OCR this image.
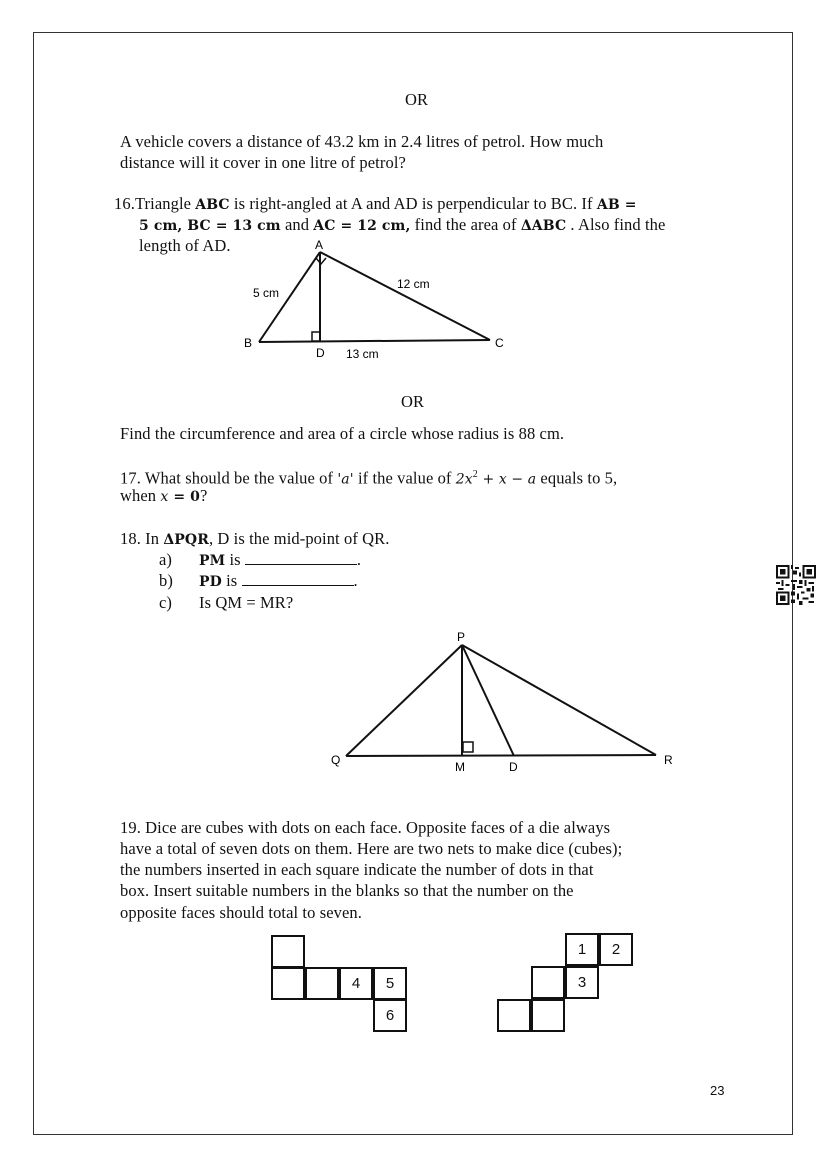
OR
A vehicle covers a distance of 43.2 km in 2.4 litres of petrol. How much
distance will it cover in one litre of petrol?
16.Triangle ABC is right-angled at A and AD is perpendicular to BC. If AB =
5 cm, BC = 13 cm and AC = 12 cm, find the area of ΔABC . Also find the
length of AD.	A
B	C
D
5 cm
12 cm
13 cm
OR
Find the circumference and area of a circle whose radius is 88 cm.
17. What should be the value of 'a' if the value of $2x^2 + x - a$ equals to 5,
when x = 0?
18. In ΔPQR, D is the mid-point of QR.
a) PM is	.
b) PD is	.
c) Is QM = MR?
P
Q	R
M	D
19. Dice are cubes with dots on each face. Opposite faces of a die always
have a total of seven dots on them. Here are two nets to make dice (cubes);
the numbers inserted in each square indicate the number of dots in that
box. Insert suitable numbers in the blanks so that the number on the
opposite faces should total to seven.
4	5
6
1	2
3
23
